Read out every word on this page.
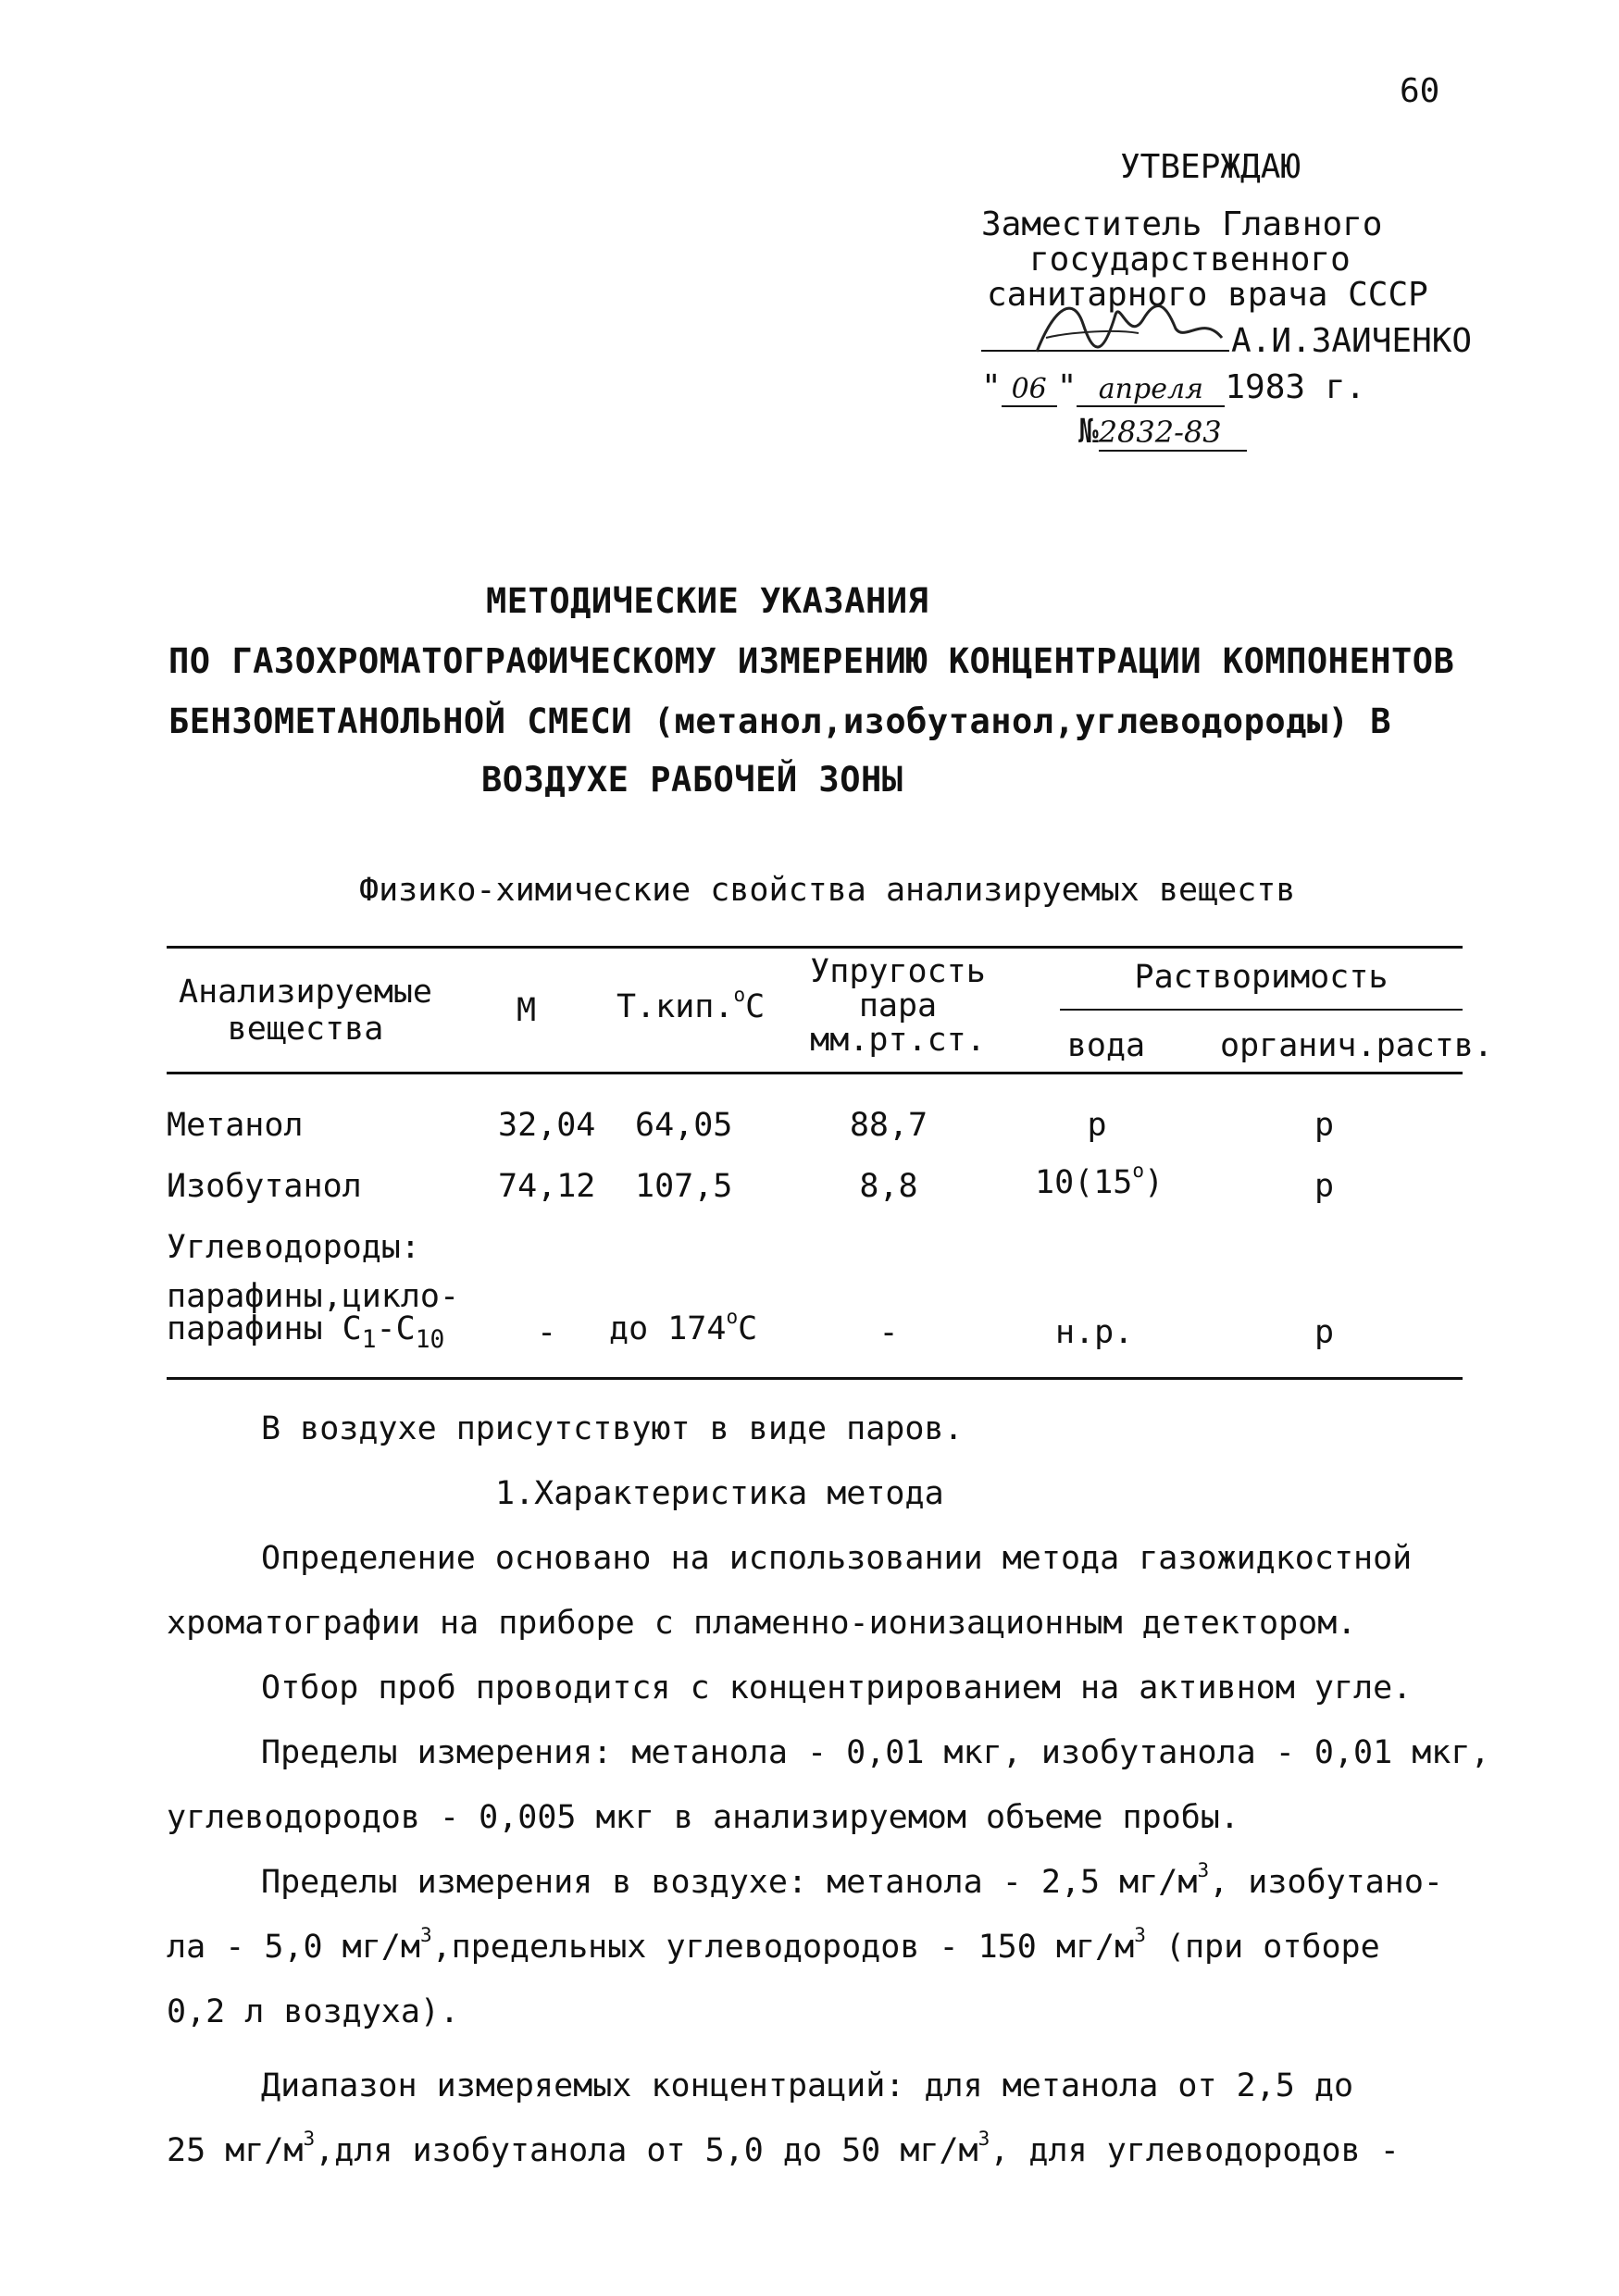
60
УТВЕРЖДАЮ
Заместитель Главного
государственного
санитарного врача СССР
А.И.ЗАИЧЕНКО
" 06 " апреля 1983 г.
№2832-83
МЕТОДИЧЕСКИЕ УКАЗАНИЯ
ПО ГАЗОХРОМАТОГРАФИЧЕСКОМУ ИЗМЕРЕНИЮ КОНЦЕНТРАЦИИ КОМПОНЕНТОВ
БЕНЗОМЕТАНОЛЬНОЙ СМЕСИ (метанол,изобутанол,углеводороды) В
ВОЗДУХЕ РАБОЧЕЙ ЗОНЫ
Физико-химические свойства анализируемых веществ
Анализируемые
вещества	М Т.кип.$^о$С
Упругость
пара
мм.рт.ст.
Растворимость
вода	органич.раств.
Метанол	32,04 64,05	88,7	р	р
Изобутанол	74,12 107,5	8,8	$10(15^о)$	р
Углеводороды:
парафины,цикло-
парафины $С_1-С_{10}$	- до $174^оС$	-	н.р.	р
В воздухе присутствуют в виде паров.
1.Характеристика метода
Определение основано на использовании метода газожидкостной
хроматографии на приборе с пламенно-ионизационным детектором.
Отбор проб проводится с концентрированием на активном угле.
Пределы измерения: метанола - 0,01 мкг, изобутанола - 0,01 мкг,
углеводородов - 0,005 мкг в анализируемом объеме пробы.
Пределы измерения в воздухе: метанола - 2,5 $мг/м^3$, изобутано-
ла - 5,0 $мг/м^3,предельных$ углеводородов - 150 $мг/м^3$ (при отборе
0,2 л воздуха).
Диапазон измеряемых концентраций: для метанола от 2,5 до
25 $мг/м^3,для$ изобутанола от 5,0 до 50 $мг/м^3$, для углеводородов -
